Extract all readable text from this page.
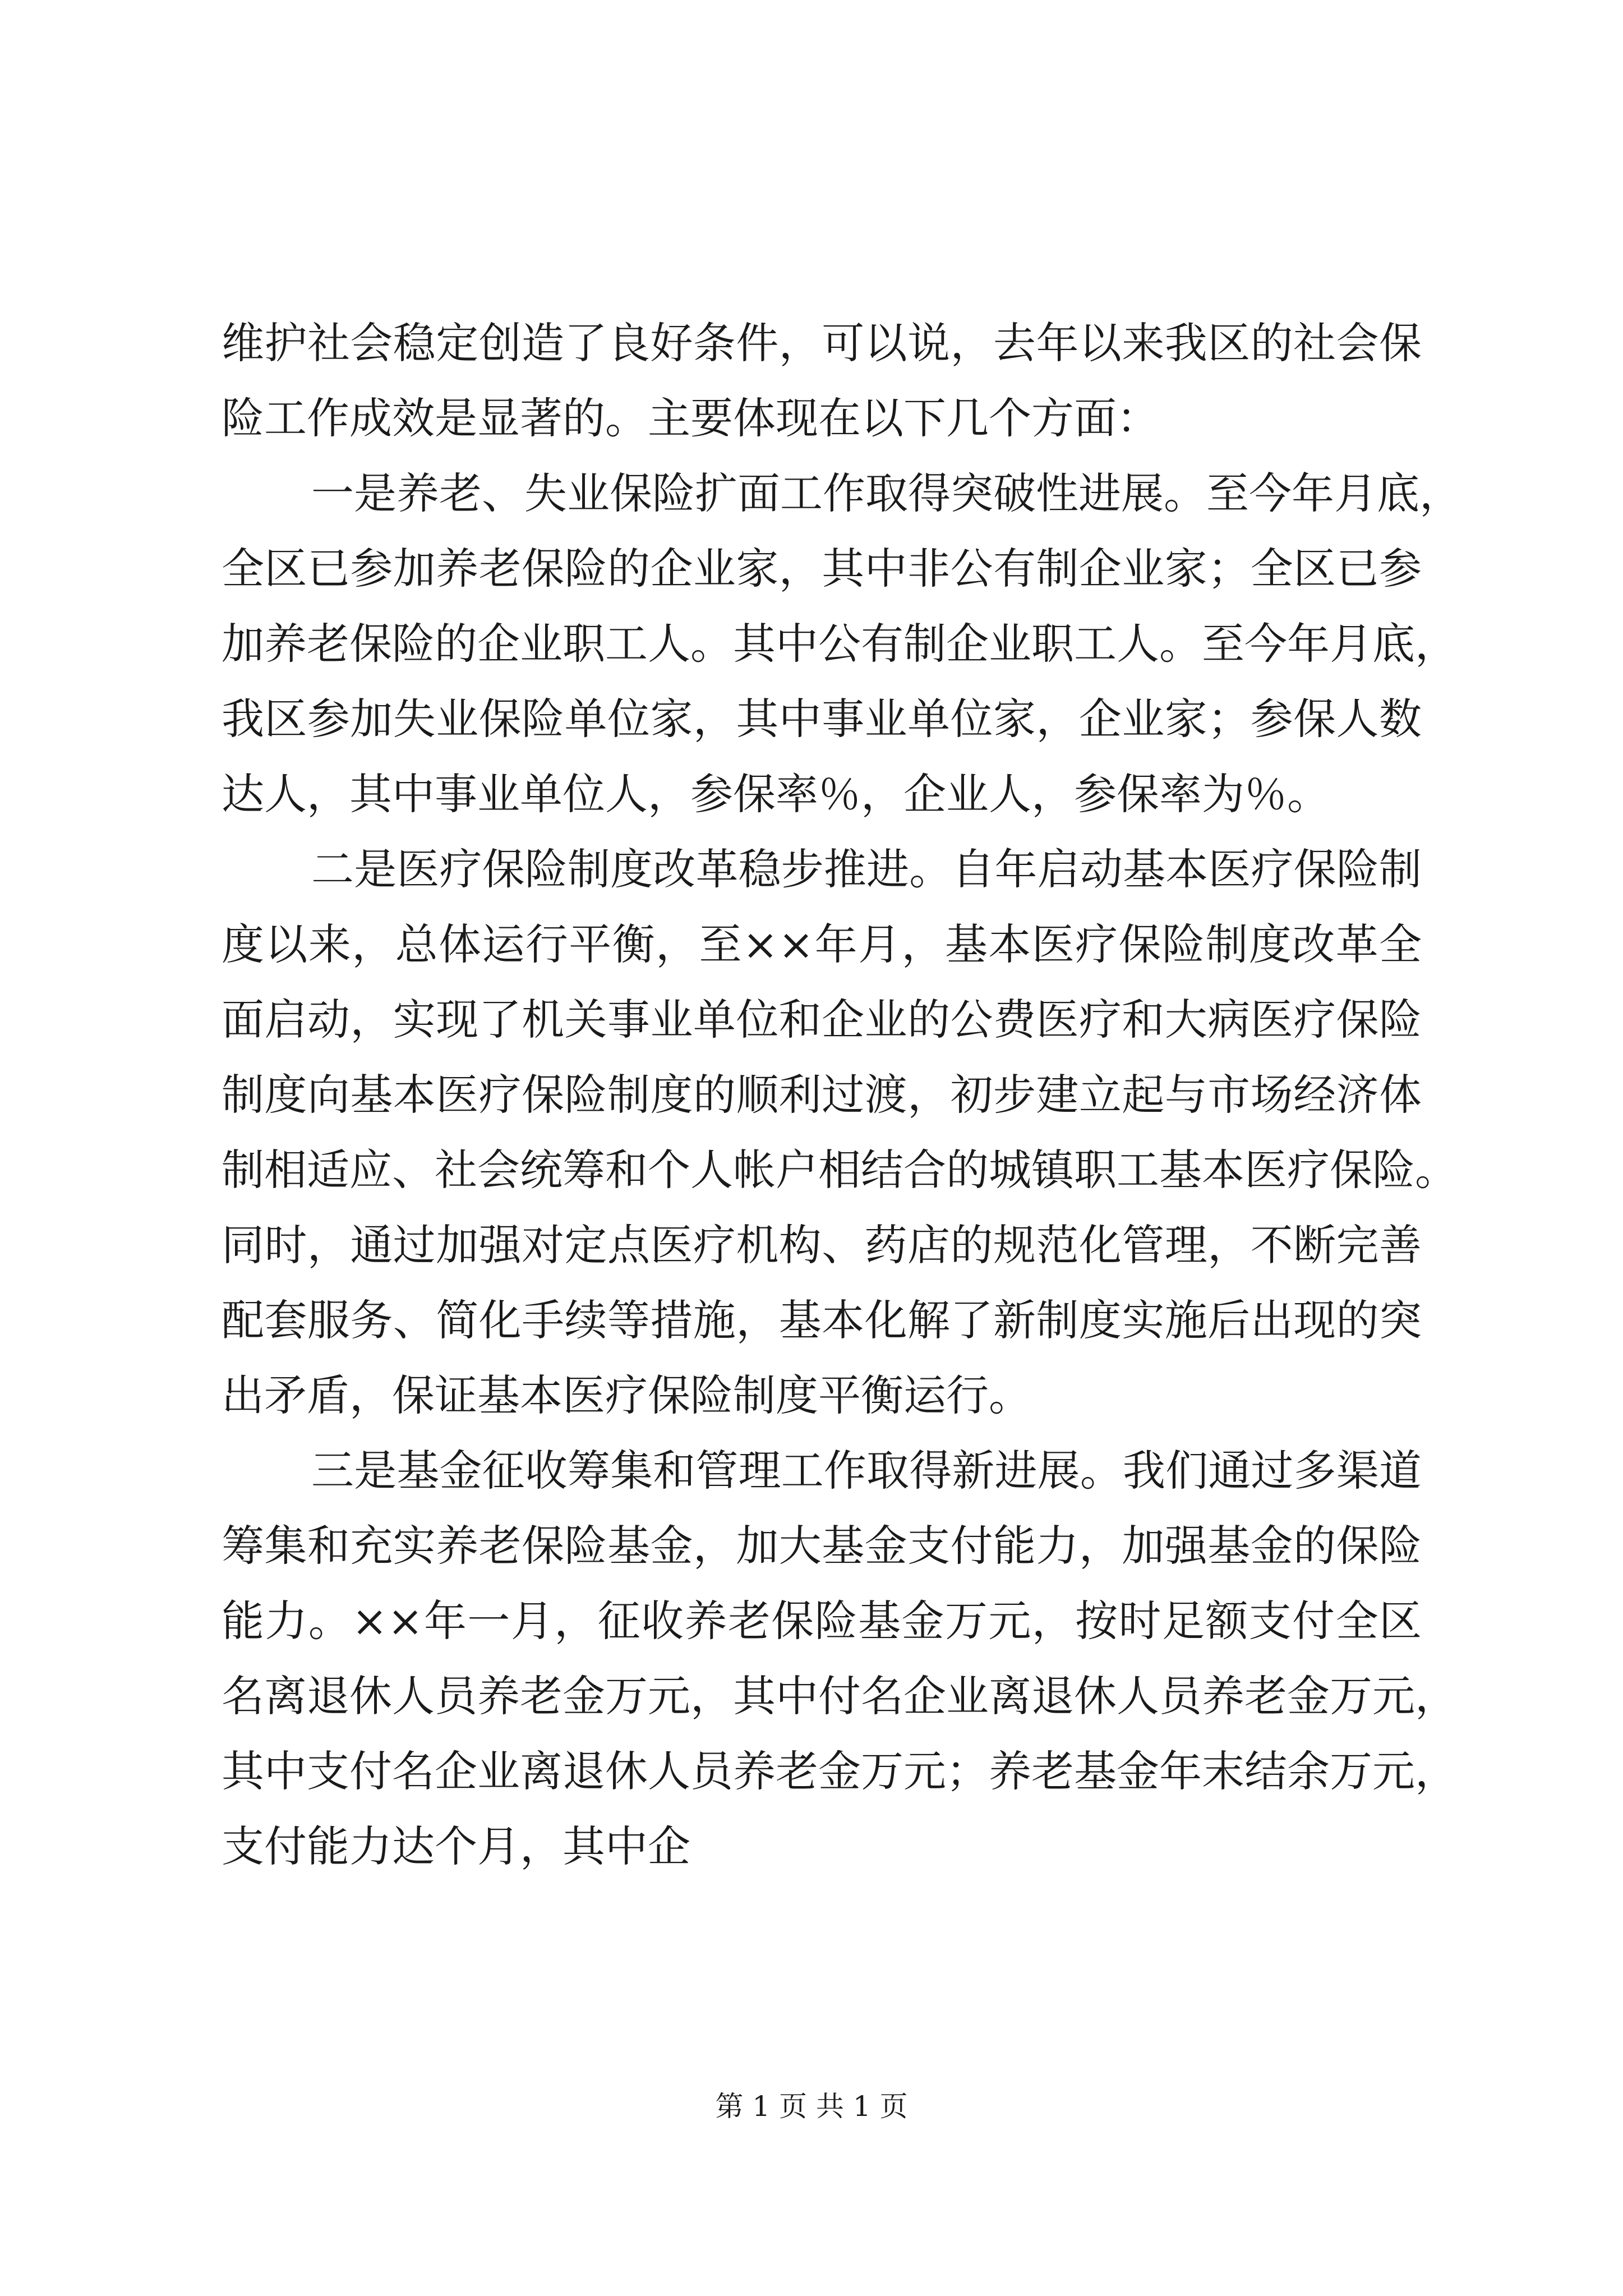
维护社会稳定创造了良好条件，可以说，去年以来我区的社会保
险工作成效是显著的。主要体现在以下几个方面：
一是养老、失业保险扩面工作取得突破性进展。至今年月底，
全区已参加养老保险的企业家，其中非公有制企业家；全区已参
加养老保险的企业职工人。其中公有制企业职工人。至今年月底，
我区参加失业保险单位家，其中事业单位家，企业家；参保人数
达人，其中事业单位人，参保率％，企业人，参保率为％。
二是医疗保险制度改革稳步推进。自年启动基本医疗保险制
度以来，总体运行平衡，至××年月，基本医疗保险制度改革全
面启动，实现了机关事业单位和企业的公费医疗和大病医疗保险
制度向基本医疗保险制度的顺利过渡，初步建立起与市场经济体
制相适应、社会统筹和个人帐户相结合的城镇职工基本医疗保险。
同时，通过加强对定点医疗机构、药店的规范化管理，不断完善
配套服务、简化手续等措施，基本化解了新制度实施后出现的突
出矛盾，保证基本医疗保险制度平衡运行。
三是基金征收筹集和管理工作取得新进展。我们通过多渠道
筹集和充实养老保险基金，加大基金支付能力，加强基金的保险
能力。××年一月，征收养老保险基金万元，按时足额支付全区
名离退休人员养老金万元，其中付名企业离退休人员养老金万元，
其中支付名企业离退休人员养老金万元；养老基金年末结余万元，
支付能力达个月，其中企
第 1 页 共 1 页
